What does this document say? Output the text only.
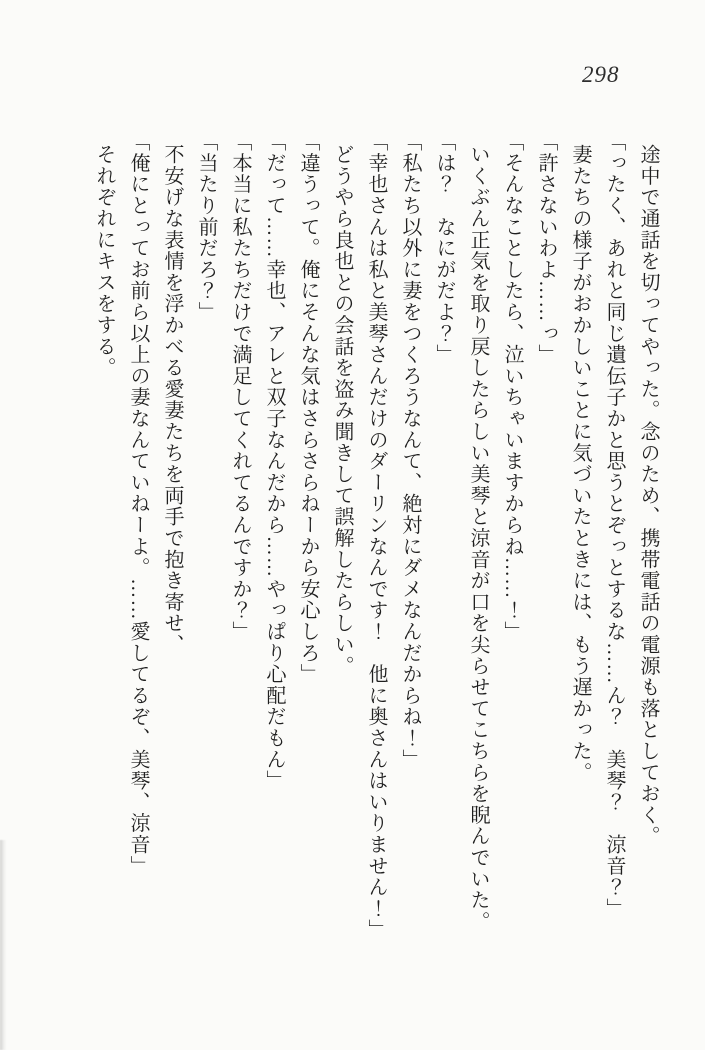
298

途中で通話を切ってやった。念のため、携帯電話の電源も落としておく。

「ったく、あれと同じ遺伝子かと思うとぞっとするな……ん？　美琴？　涼音？」

妻たちの様子がおかしいことに気づいたときには、もう遅かった。

「許さないわよ……っ」

「そんなことしたら、泣いちゃいますからね……！」

いくぶん正気を取り戻したらしい美琴と涼音が口を尖らせてこちらを睨んでいた。

「は？　なにがだよ？」

「私たち以外に妻をつくろうなんて、絶対にダメなんだからね！」

「幸也さんは私と美琴さんだけのダーリンなんです！　他に奥さんはいりません！」

どうやら良也との会話を盗み聞きして誤解したらしい。

「違うって。俺にそんな気はさらさらねーから安心しろ」

「だって……幸也、アレと双子なんだから……やっぱり心配だもん」

「本当に私たちだけで満足してくれてるんですか？」

「当たり前だろ？」

不安げな表情を浮かべる愛妻たちを両手で抱き寄せ、

「俺にとってお前ら以上の妻なんていねーよ。……愛してるぞ、美琴、涼音」

それぞれにキスをする。
